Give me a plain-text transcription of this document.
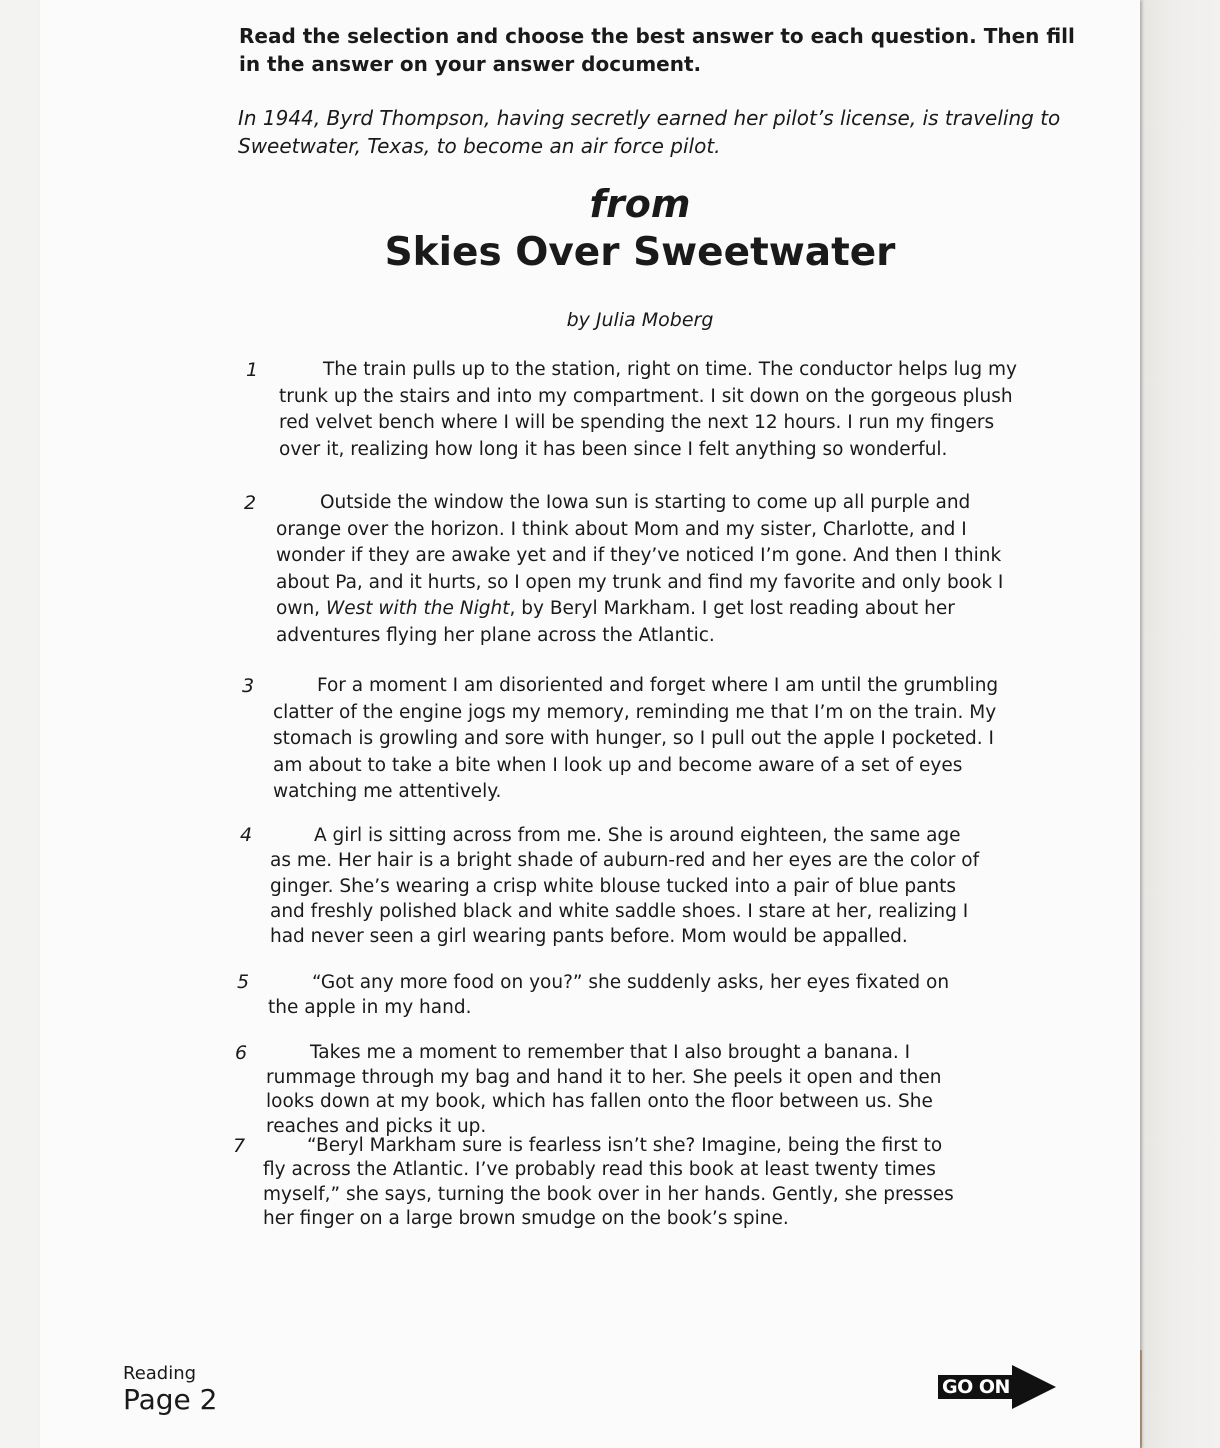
Read the selection and choose the best answer to each question. Then fill in the answer on your answer document.

In 1944, Byrd Thompson, having secretly earned her pilot’s license, is traveling to Sweetwater, Texas, to become an air force pilot.

from

Skies Over Sweetwater

by Julia Moberg

1	The train pulls up to the station, right on time. The conductor helps lug my trunk up the stairs and into my compartment. I sit down on the gorgeous plush red velvet bench where I will be spending the next 12 hours. I run my fingers over it, realizing how long it has been since I felt anything so wonderful.

2	Outside the window the Iowa sun is starting to come up all purple and orange over the horizon. I think about Mom and my sister, Charlotte, and I wonder if they are awake yet and if they’ve noticed I’m gone. And then I think about Pa, and it hurts, so I open my trunk and find my favorite and only book I own, West with the Night, by Beryl Markham. I get lost reading about her adventures flying her plane across the Atlantic.

3	For a moment I am disoriented and forget where I am until the grumbling clatter of the engine jogs my memory, reminding me that I’m on the train. My stomach is growling and sore with hunger, so I pull out the apple I pocketed. I am about to take a bite when I look up and become aware of a set of eyes watching me attentively.

4	A girl is sitting across from me. She is around eighteen, the same age as me. Her hair is a bright shade of auburn-red and her eyes are the color of ginger. She’s wearing a crisp white blouse tucked into a pair of blue pants and freshly polished black and white saddle shoes. I stare at her, realizing I had never seen a girl wearing pants before. Mom would be appalled.

5	“Got any more food on you?” she suddenly asks, her eyes fixated on the apple in my hand.

6	Takes me a moment to remember that I also brought a banana. I rummage through my bag and hand it to her. She peels it open and then looks down at my book, which has fallen onto the floor between us. She reaches and picks it up.

7	“Beryl Markham sure is fearless isn’t she? Imagine, being the first to fly across the Atlantic. I’ve probably read this book at least twenty times myself,” she says, turning the book over in her hands. Gently, she presses her finger on a large brown smudge on the book’s spine.

Reading
Page 2	GO ON
